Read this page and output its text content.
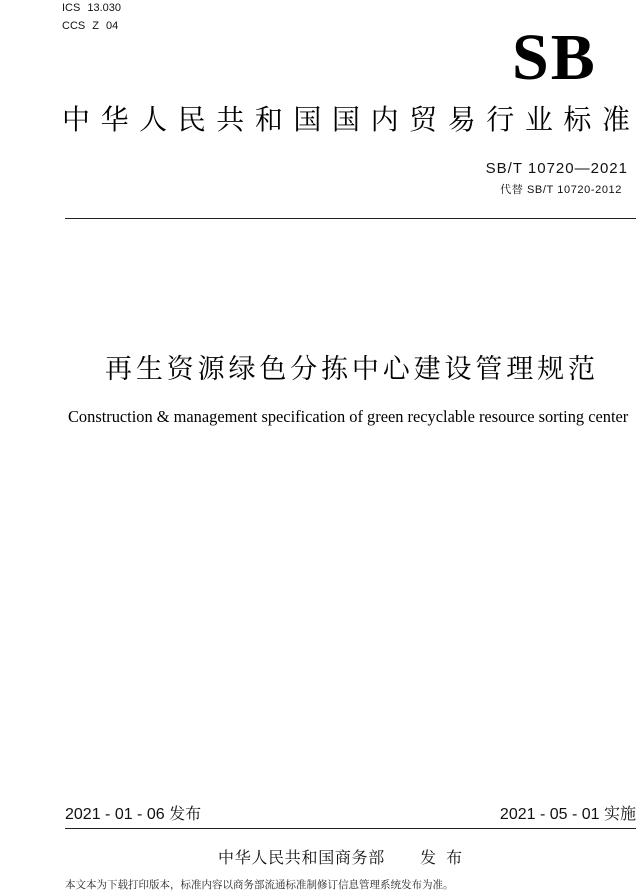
ICS 13.030
CCS Z 04	SB
中华人民共和国国内贸易行业标准
SB/T 10720—2021
代替 SB/T 10720-2012
再生资源绿色分拣中心建设管理规范
Construction & management specification of green recyclable resource sorting center
2021 - 01 - 06 发布	2021 - 05 - 01 实施
中华人民共和国商务部 发 布
本文本为下载打印版本，标准内容以商务部流通标准制修订信息管理系统发布为准。
